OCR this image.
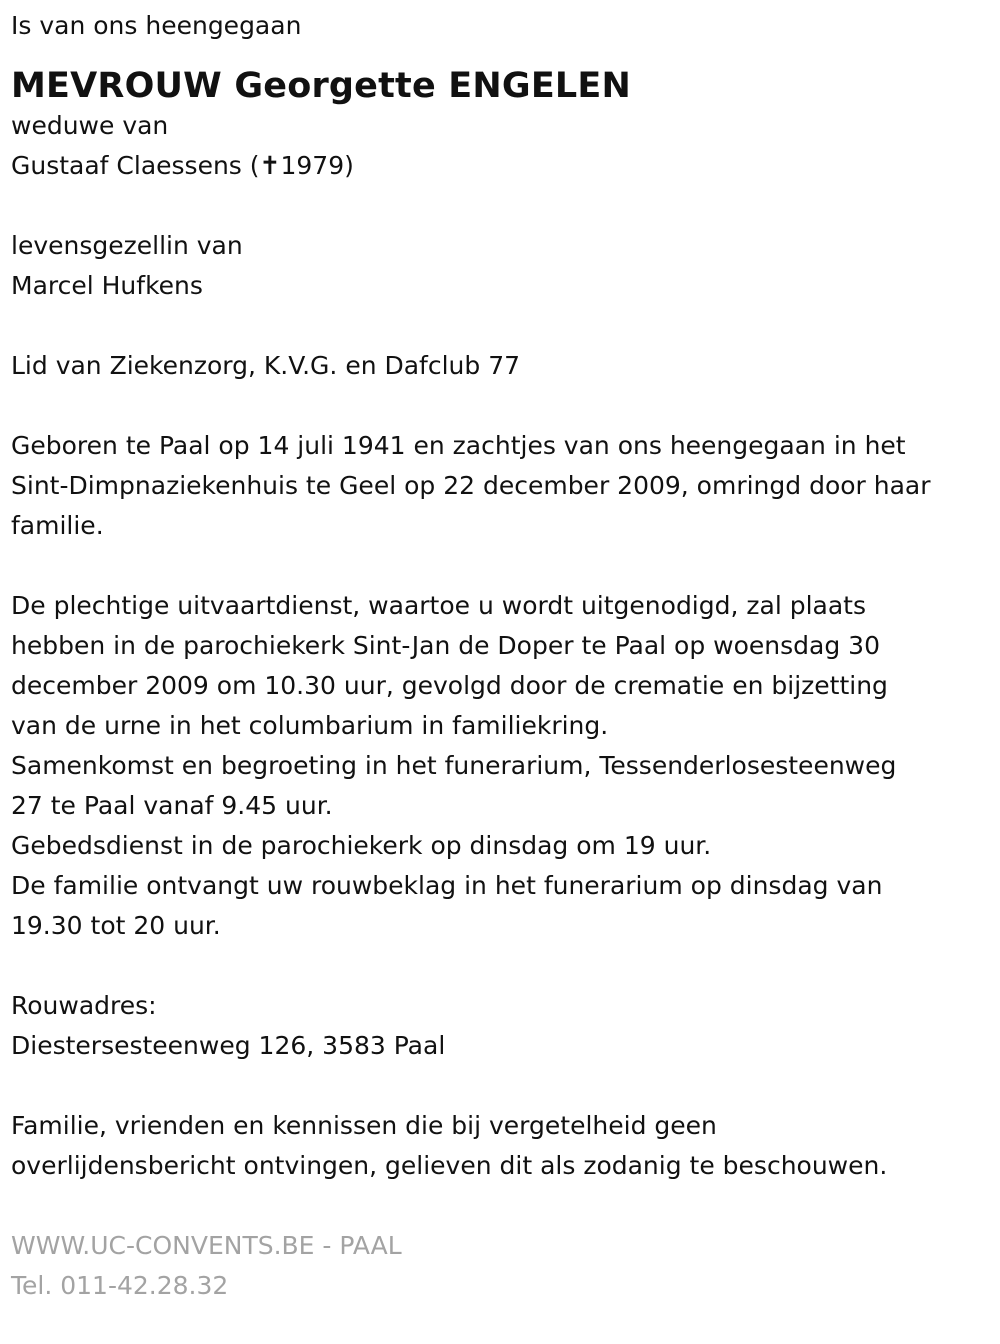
Is van ons heengegaan

MEVROUW Georgette ENGELEN

weduwe van

Gustaaf Claessens (✝1979)

levensgezellin van

Marcel Hufkens

Lid van Ziekenzorg, K.V.G. en Dafclub 77

Geboren te Paal op 14 juli 1941 en zachtjes van ons heengegaan in het

Sint-Dimpnaziekenhuis te Geel op 22 december 2009, omringd door haar

familie.

De plechtige uitvaartdienst, waartoe u wordt uitgenodigd, zal plaats

hebben in de parochiekerk Sint-Jan de Doper te Paal op woensdag 30

december 2009 om 10.30 uur, gevolgd door de crematie en bijzetting

van de urne in het columbarium in familiekring.

Samenkomst en begroeting in het funerarium, Tessenderlosesteenweg

27 te Paal vanaf 9.45 uur.

Gebedsdienst in de parochiekerk op dinsdag om 19 uur.

De familie ontvangt uw rouwbeklag in het funerarium op dinsdag van

19.30 tot 20 uur.

Rouwadres:

Diestersesteenweg 126, 3583 Paal

Familie, vrienden en kennissen die bij vergetelheid geen

overlijdensbericht ontvingen, gelieven dit als zodanig te beschouwen.

WWW.UC-CONVENTS.BE - PAAL

Tel. 011-42.28.32
